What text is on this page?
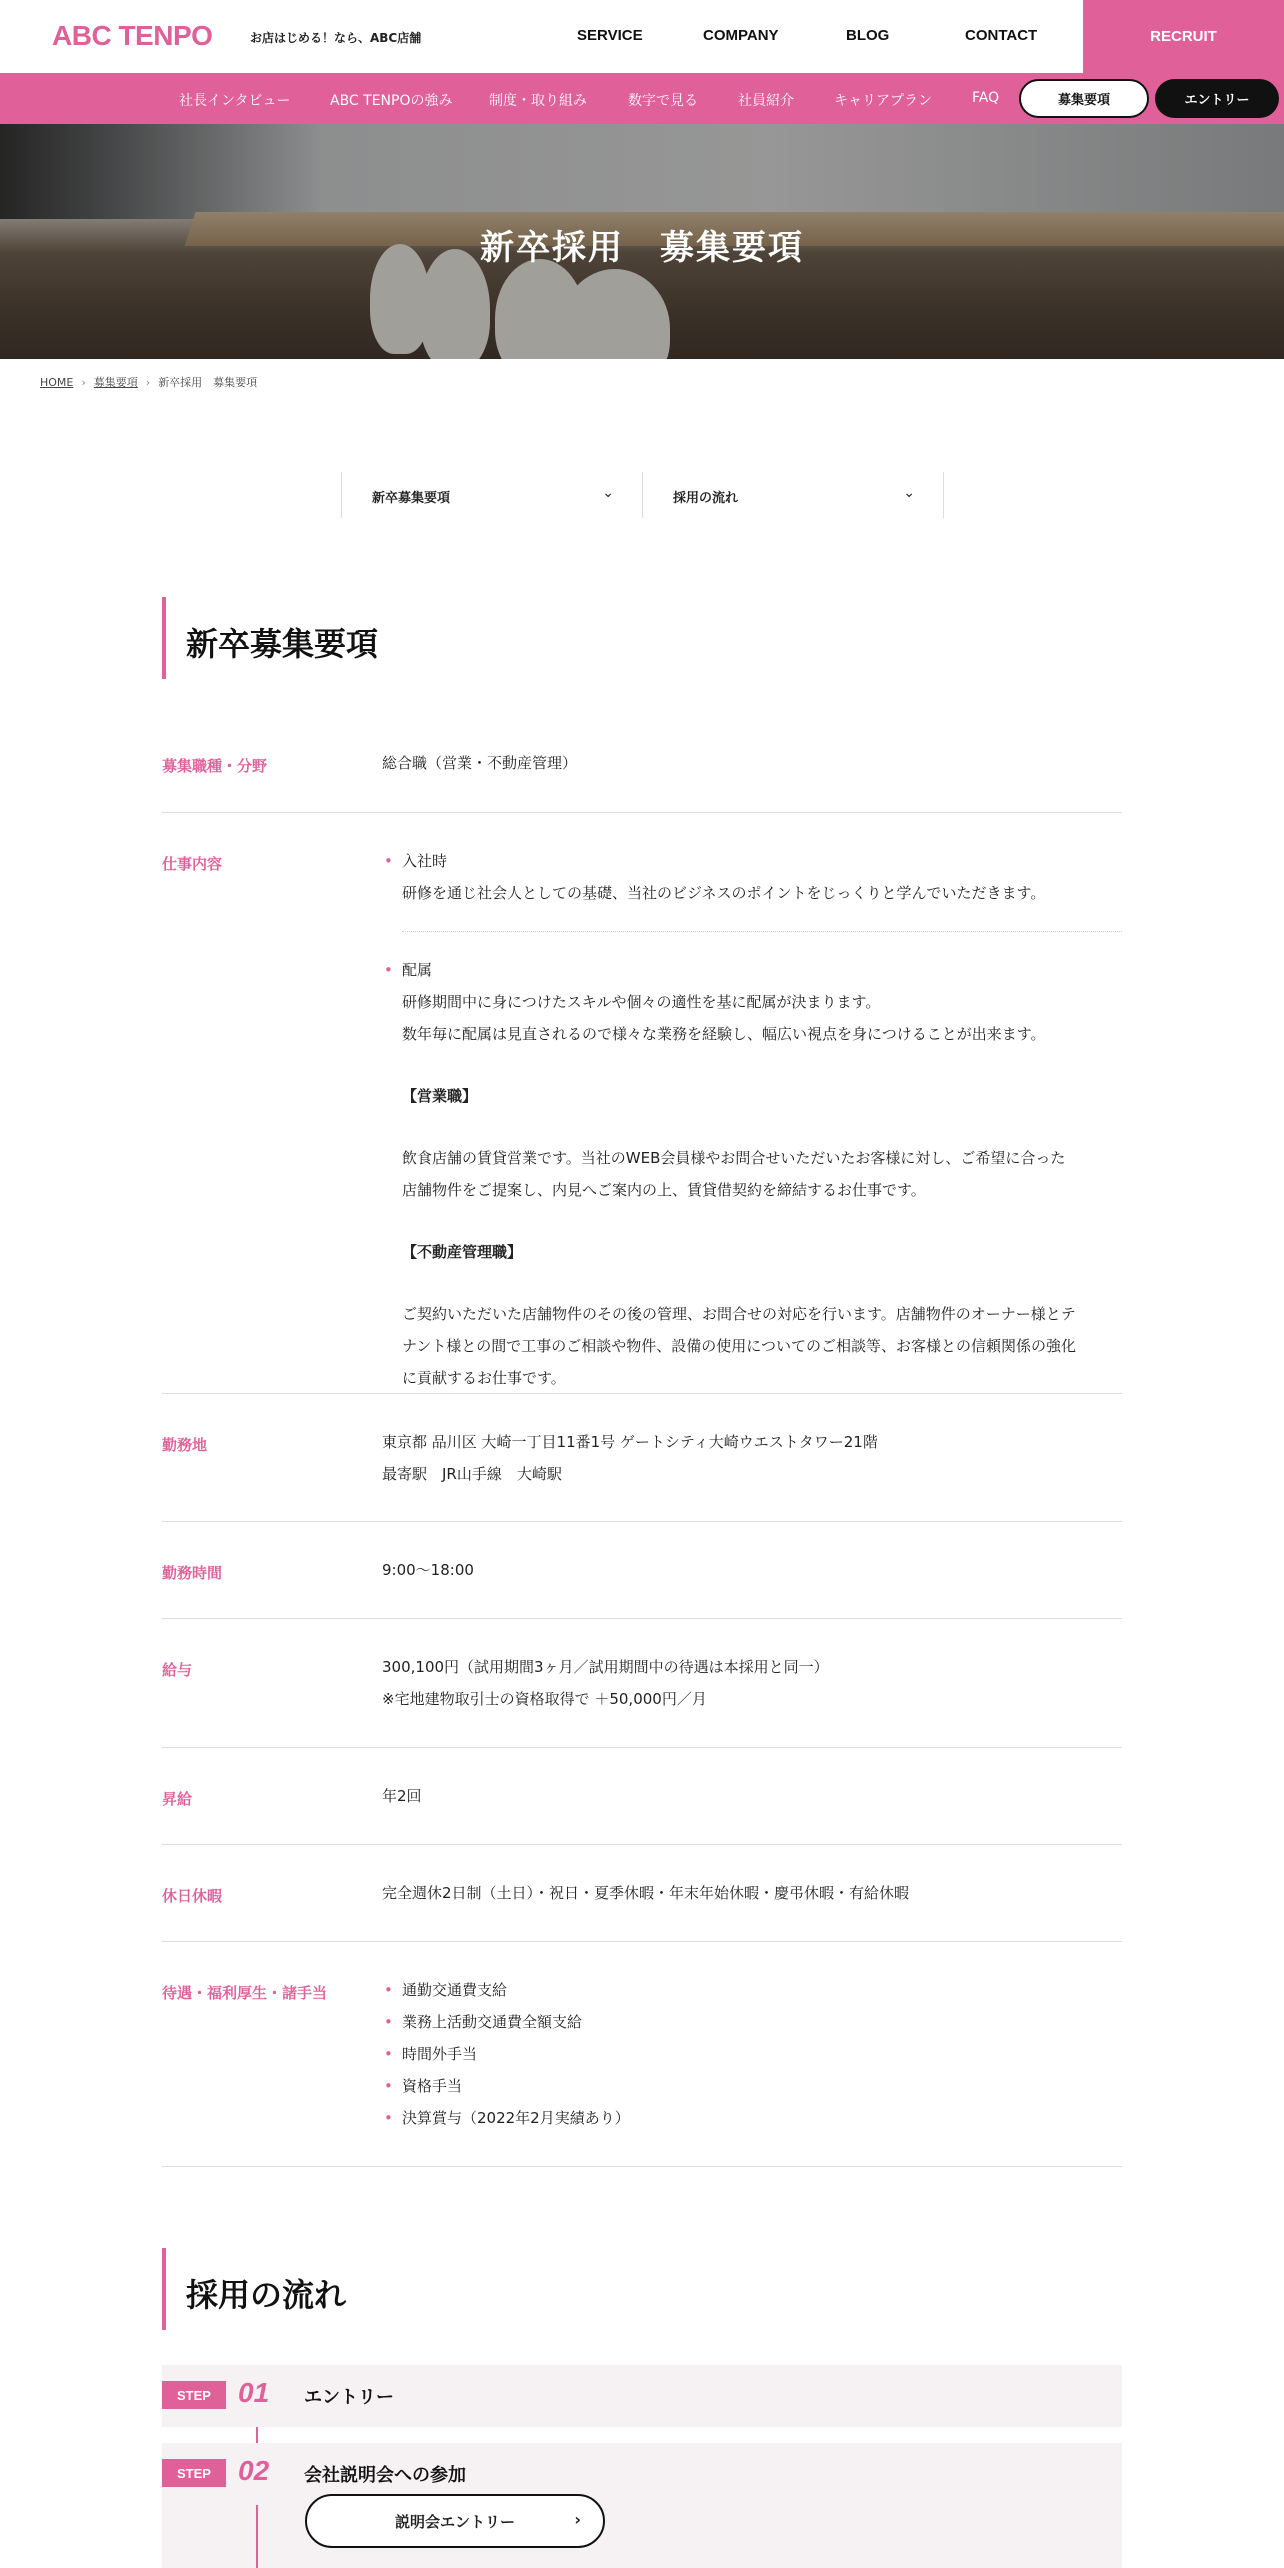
ABC TENPO	お店はじめる！なら、ABC店舗	SERVICE	COMPANY	BLOG	CONTACT	RECRUIT
社長インタビュー	ABC TENPOの強み	制度・取り組み	数字で見る	社員紹介	キャリアプラン	FAQ	募集要項	エントリー
新卒採用　募集要項
HOME › 募集要項 › 新卒採用　募集要項
新卒募集要項	⌄	採用の流れ	⌄
新卒募集要項
募集職種・分野	総合職（営業・不動産管理）
仕事内容	• 入社時
研修を通じ社会人としての基礎、当社のビジネスのポイントをじっくりと学んでいただきます。
• 配属
研修期間中に身につけたスキルや個々の適性を基に配属が決まります。
数年毎に配属は見直されるので様々な業務を経験し、幅広い視点を身につけることが出来ます。
【営業職】
飲食店舗の賃貸営業です。当社のWEB会員様やお問合せいただいたお客様に対し、ご希望に合った
店舗物件をご提案し、内見へご案内の上、賃貸借契約を締結するお仕事です。
【不動産管理職】
ご契約いただいた店舗物件のその後の管理、お問合せの対応を行います。店舗物件のオーナー様とテ
ナント様との間で工事のご相談や物件、設備の使用についてのご相談等、お客様との信頼関係の強化
に貢献するお仕事です。
勤務地	東京都 品川区 大崎一丁目11番1号 ゲートシティ大崎ウエストタワー21階
最寄駅　JR山手線　大崎駅
勤務時間	9:00〜18:00
給与	300,100円（試用期間3ヶ月／試用期間中の待遇は本採用と同一）
※宅地建物取引士の資格取得で ＋50,000円／月
昇給	年2回
休日休暇	完全週休2日制（土日）・祝日・夏季休暇・年末年始休暇・慶弔休暇・有給休暇
待遇・福利厚生・諸手当	• 通勤交通費支給
• 業務上活動交通費全額支給
• 時間外手当
• 資格手当
• 決算賞与（2022年2月実績あり）
採用の流れ
STEP 01 エントリー
STEP 02 会社説明会への参加
説明会エントリー	›
